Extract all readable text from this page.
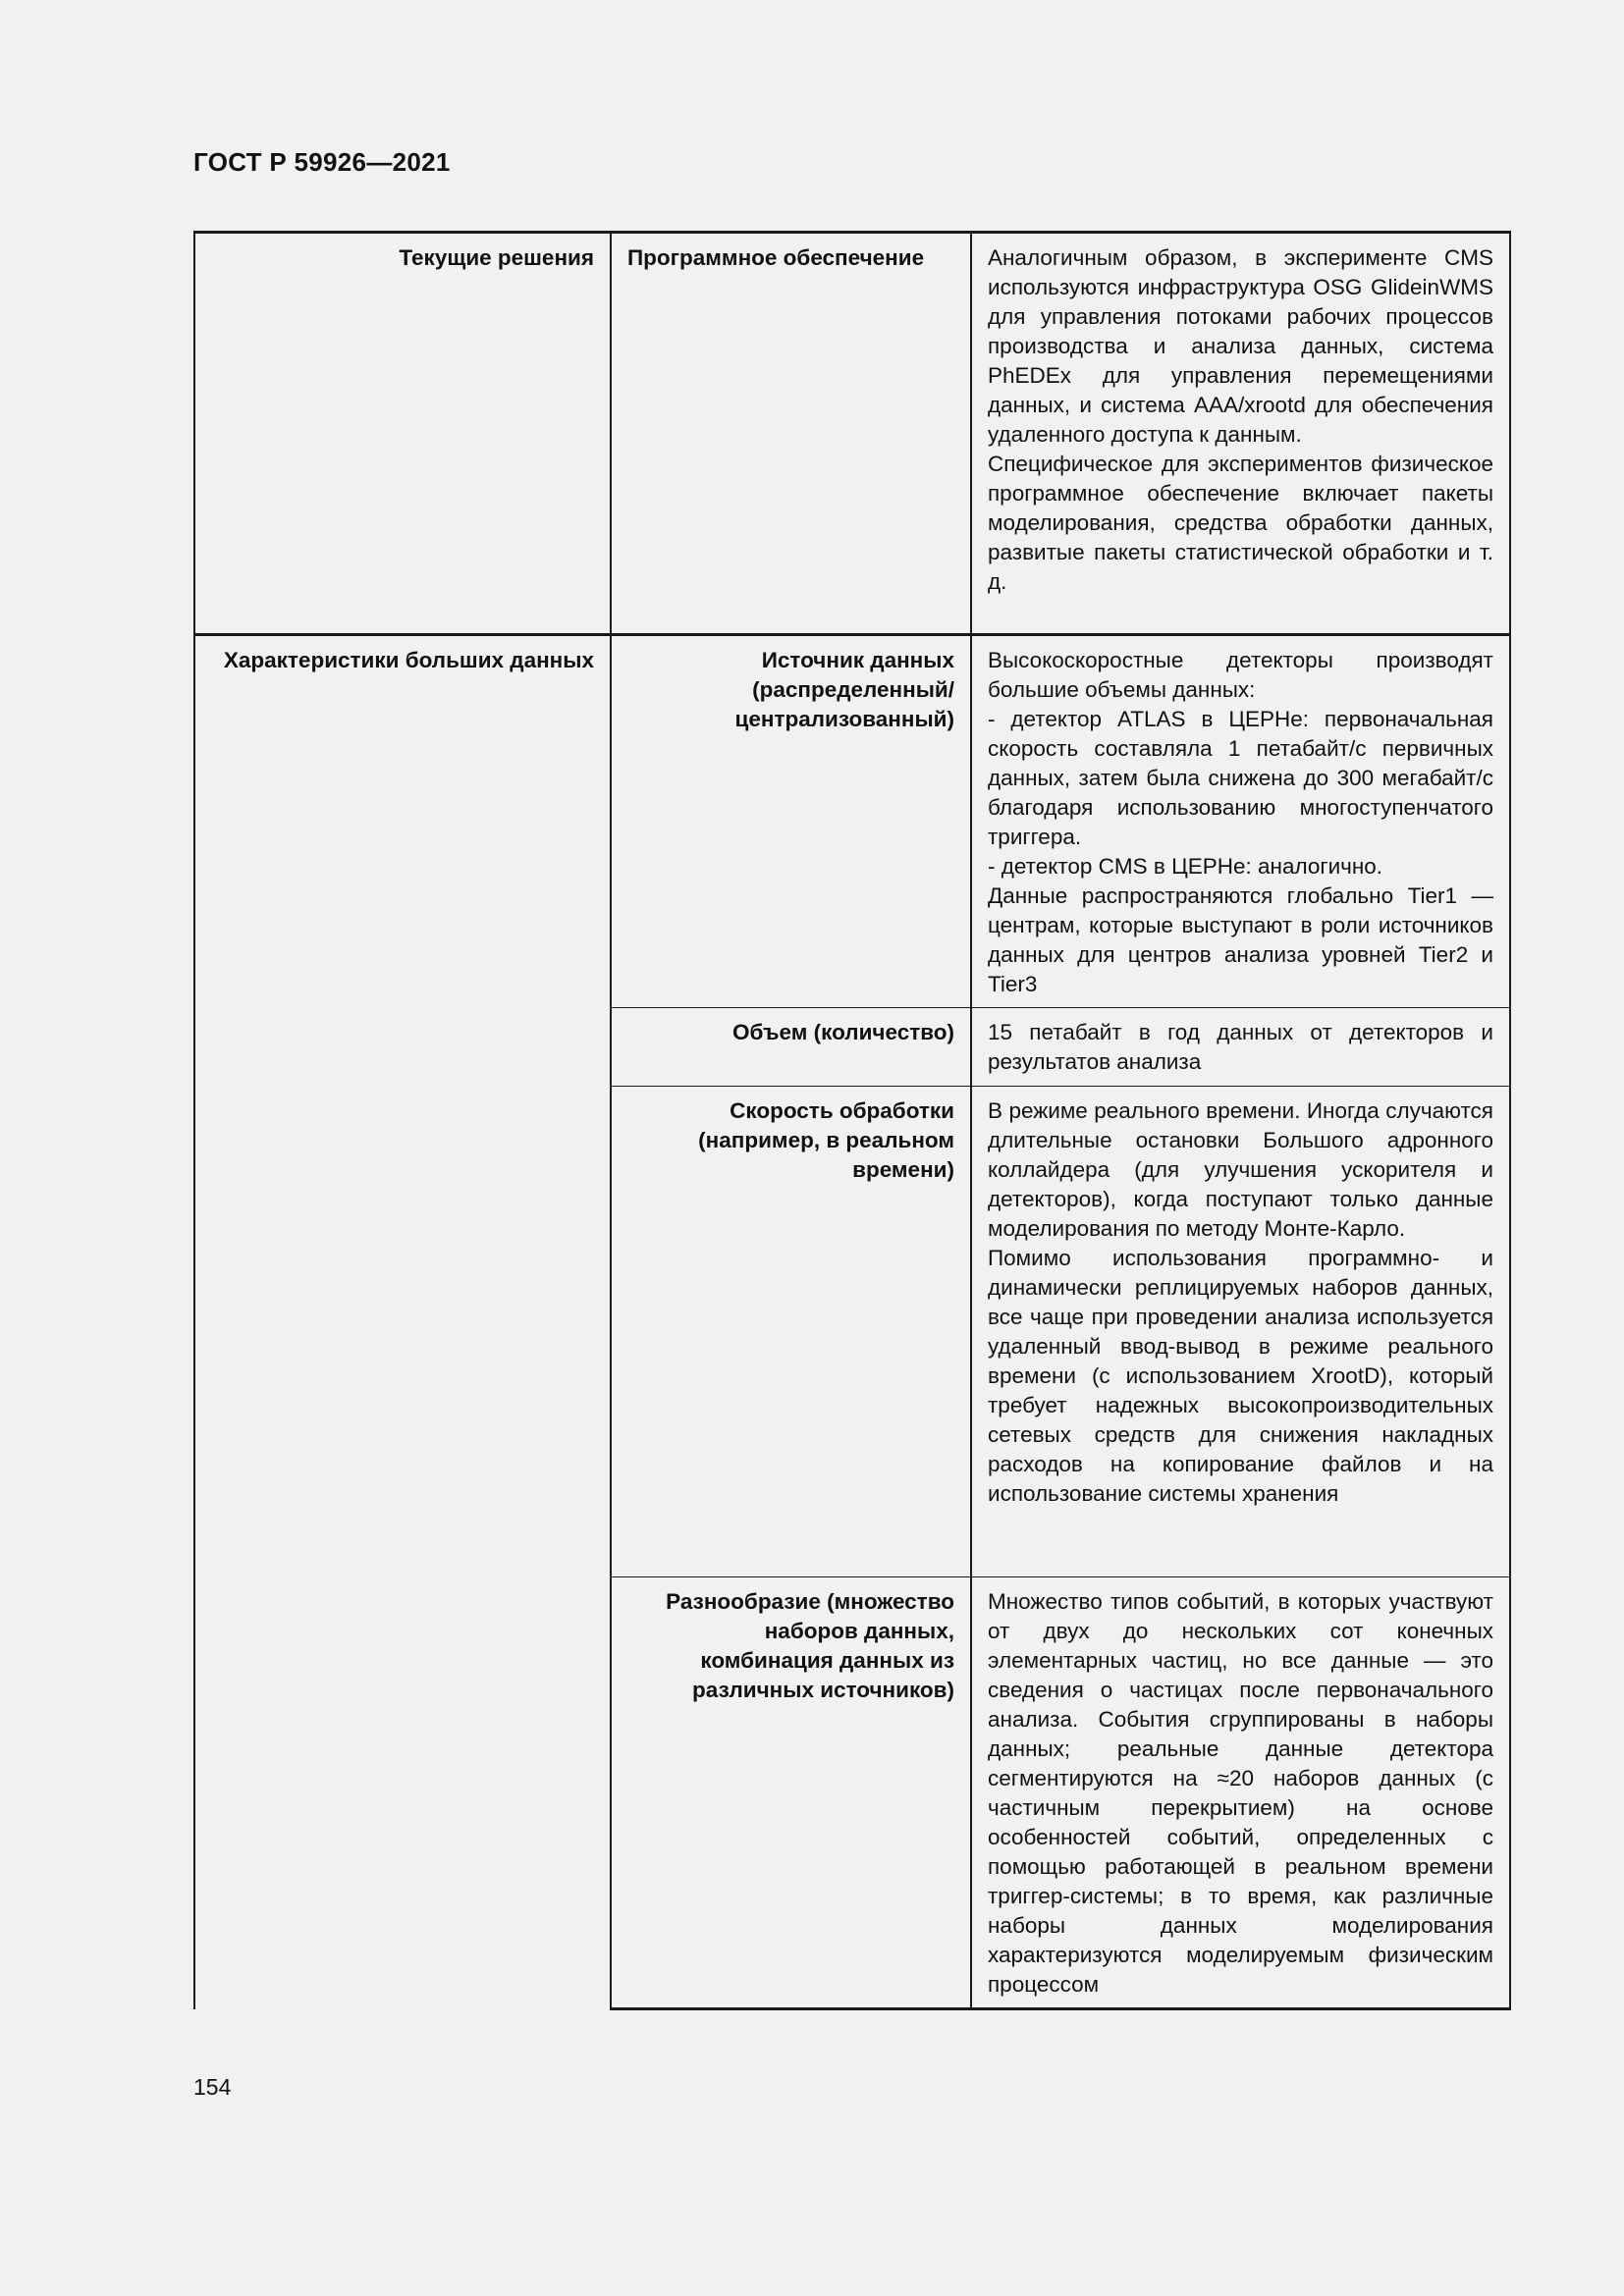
ГОСТ Р 59926—2021
Текущие решения	Программное обеспечение	Аналогичным образом, в эксперименте CMS используются инфраструктура OSG GlideinWMS для управления потоками рабочих процессов производства и анализа данных, система PhEDEx для управления перемещениями данных, и система AAA/xrootd для обеспечения удаленного доступа к данным.
Специфическое для экспериментов физическое программное обеспечение включает пакеты моделирования, средства обработки данных, развитые пакеты статистической обработки и т. д.

Характеристики больших данных	Источник данных (распределенный/централизованный)	Высокоскоростные детекторы производят большие объемы данных:
- детектор ATLAS в ЦЕРНе: первоначальная скорость составляла 1 петабайт/с первичных данных, затем была снижена до 300 мегабайт/с благодаря использованию многоступенчатого триггера.
- детектор CMS в ЦЕРНе: аналогично.
Данные распространяются глобально Tier1 — центрам, которые выступают в роли источников данных для центров анализа уровней Tier2 и Tier3

	Объем (количество)	15 петабайт в год данных от детекторов и результатов анализа

	Скорость обработки (например, в реальном времени)	В режиме реального времени. Иногда случаются длительные остановки Большого адронного коллайдера (для улучшения ускорителя и детекторов), когда поступают только данные моделирования по методу Монте-Карло.
Помимо использования программно- и динамически реплицируемых наборов данных, все чаще при проведении анализа используется удаленный ввод-вывод в режиме реального времени (с использованием XrootD), который требует надежных высокопроизводительных сетевых средств для снижения накладных расходов на копирование файлов и на использование системы хранения

	Разнообразие (множество наборов данных, комбинация данных из различных источников)	Множество типов событий, в которых участвуют от двух до нескольких сот конечных элементарных частиц, но все данные — это сведения о частицах после первоначального анализа. События сгруппированы в наборы данных; реальные данные детектора сегментируются на ≈20 наборов данных (с частичным перекрытием) на основе особенностей событий, определенных с помощью работающей в реальном времени триггер-системы; в то время, как различные наборы данных моделирования характеризуются моделируемым физическим процессом
154
